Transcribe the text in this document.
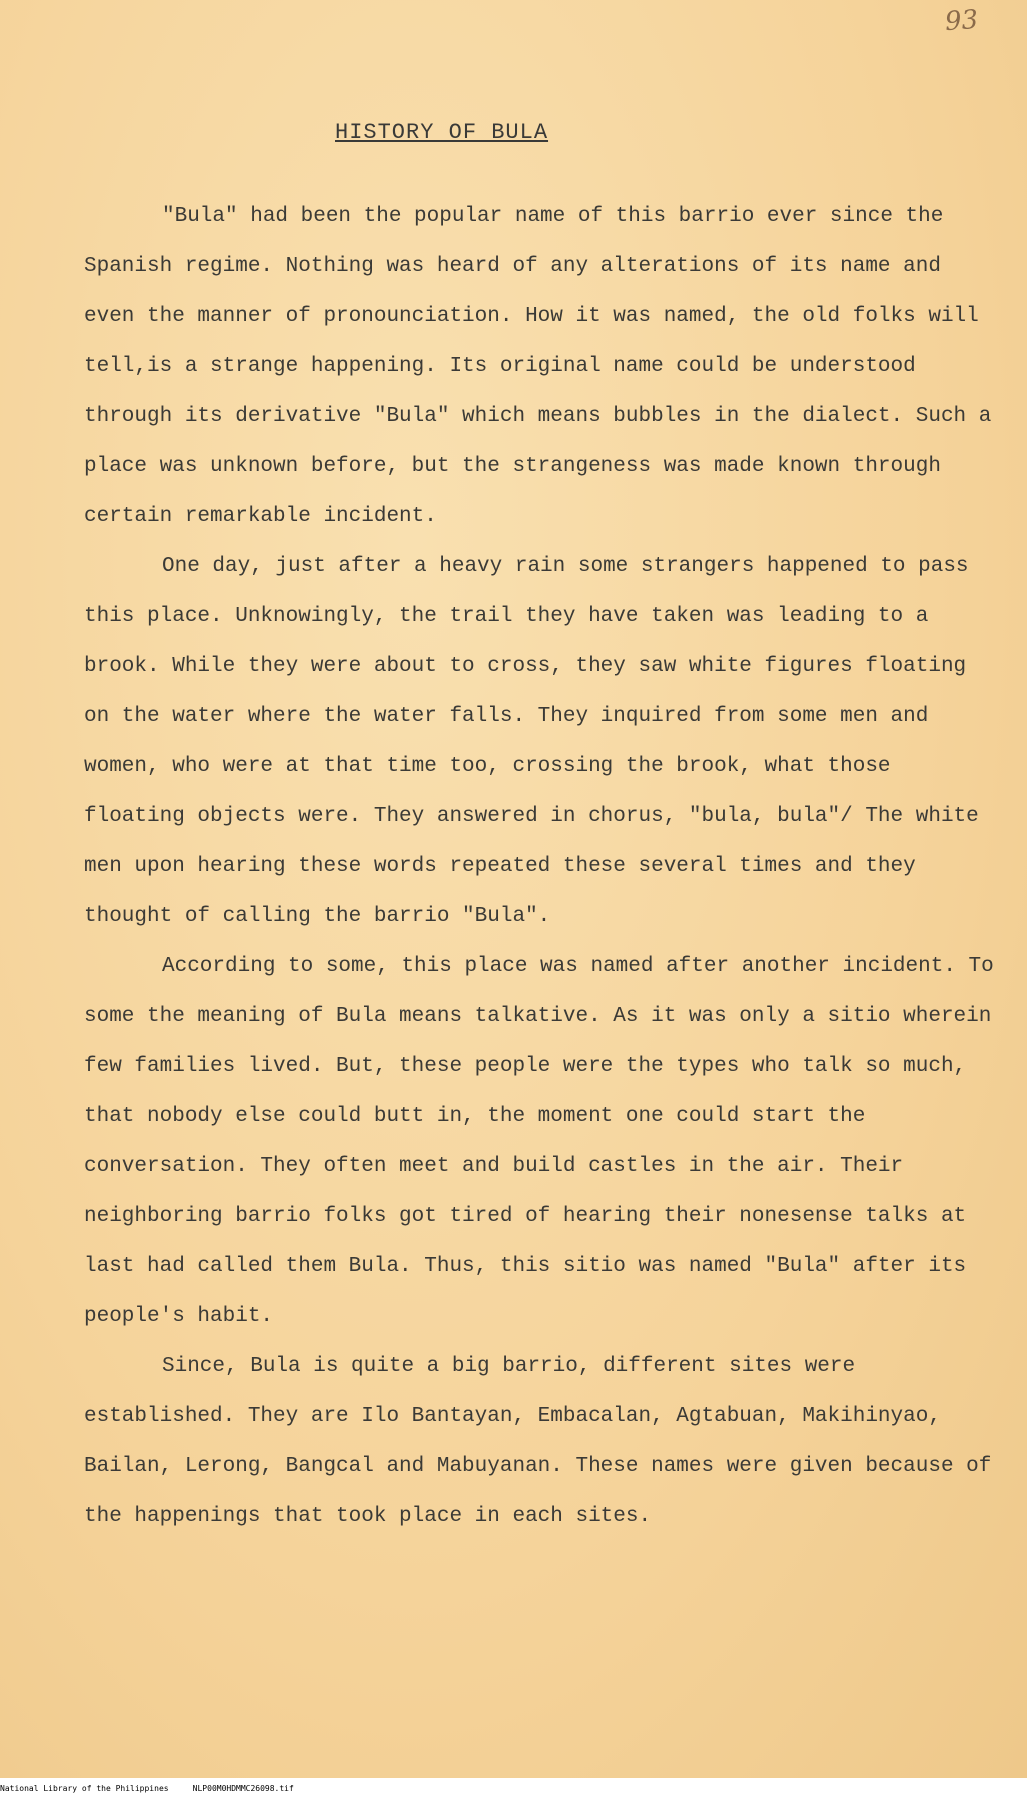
93
HISTORY OF BULA

"Bula" had been the popular name of this barrio ever since the Spanish regime. Nothing was heard of any alterations of its name and even the manner of pronounciation. How it was named, the old folks will tell,is a strange happening. Its original name could be understood through its derivative "Bula" which means bubbles in the dialect. Such a place was unknown before, but the strangeness was made known through certain remarkable incident.

One day, just after a heavy rain some strangers happened to pass this place. Unknowingly, the trail they have taken was leading to a brook. While they were about to cross, they saw white figures floating on the water where the water falls. They inquired from some men and women, who were at that time too, crossing the brook, what those floating objects were. They answered in chorus, "bula, bula"/ The white men upon hearing these words repeated these several times and they thought of calling the barrio "Bula".

According to some, this place was named after another incident. To some the meaning of Bula means talkative. As it was only a sitio wherein few families lived. But, these people were the types who talk so much, that nobody else could butt in, the moment one could start the conversation. They often meet and build castles in the air. Their neighboring barrio folks got tired of hearing their nonesense talks at last had called them Bula. Thus, this sitio was named "Bula" after its people's habit.

Since, Bula is quite a big barrio, different sites were established. They are Ilo Bantayan, Embacalan, Agtabuan, Makihinyao, Bailan, Lerong, Bangcal and Mabuyanan. These names were given because of the happenings that took place in each sites.

National Library of the Philippines	NLP00M0HDMMC26098.tif
